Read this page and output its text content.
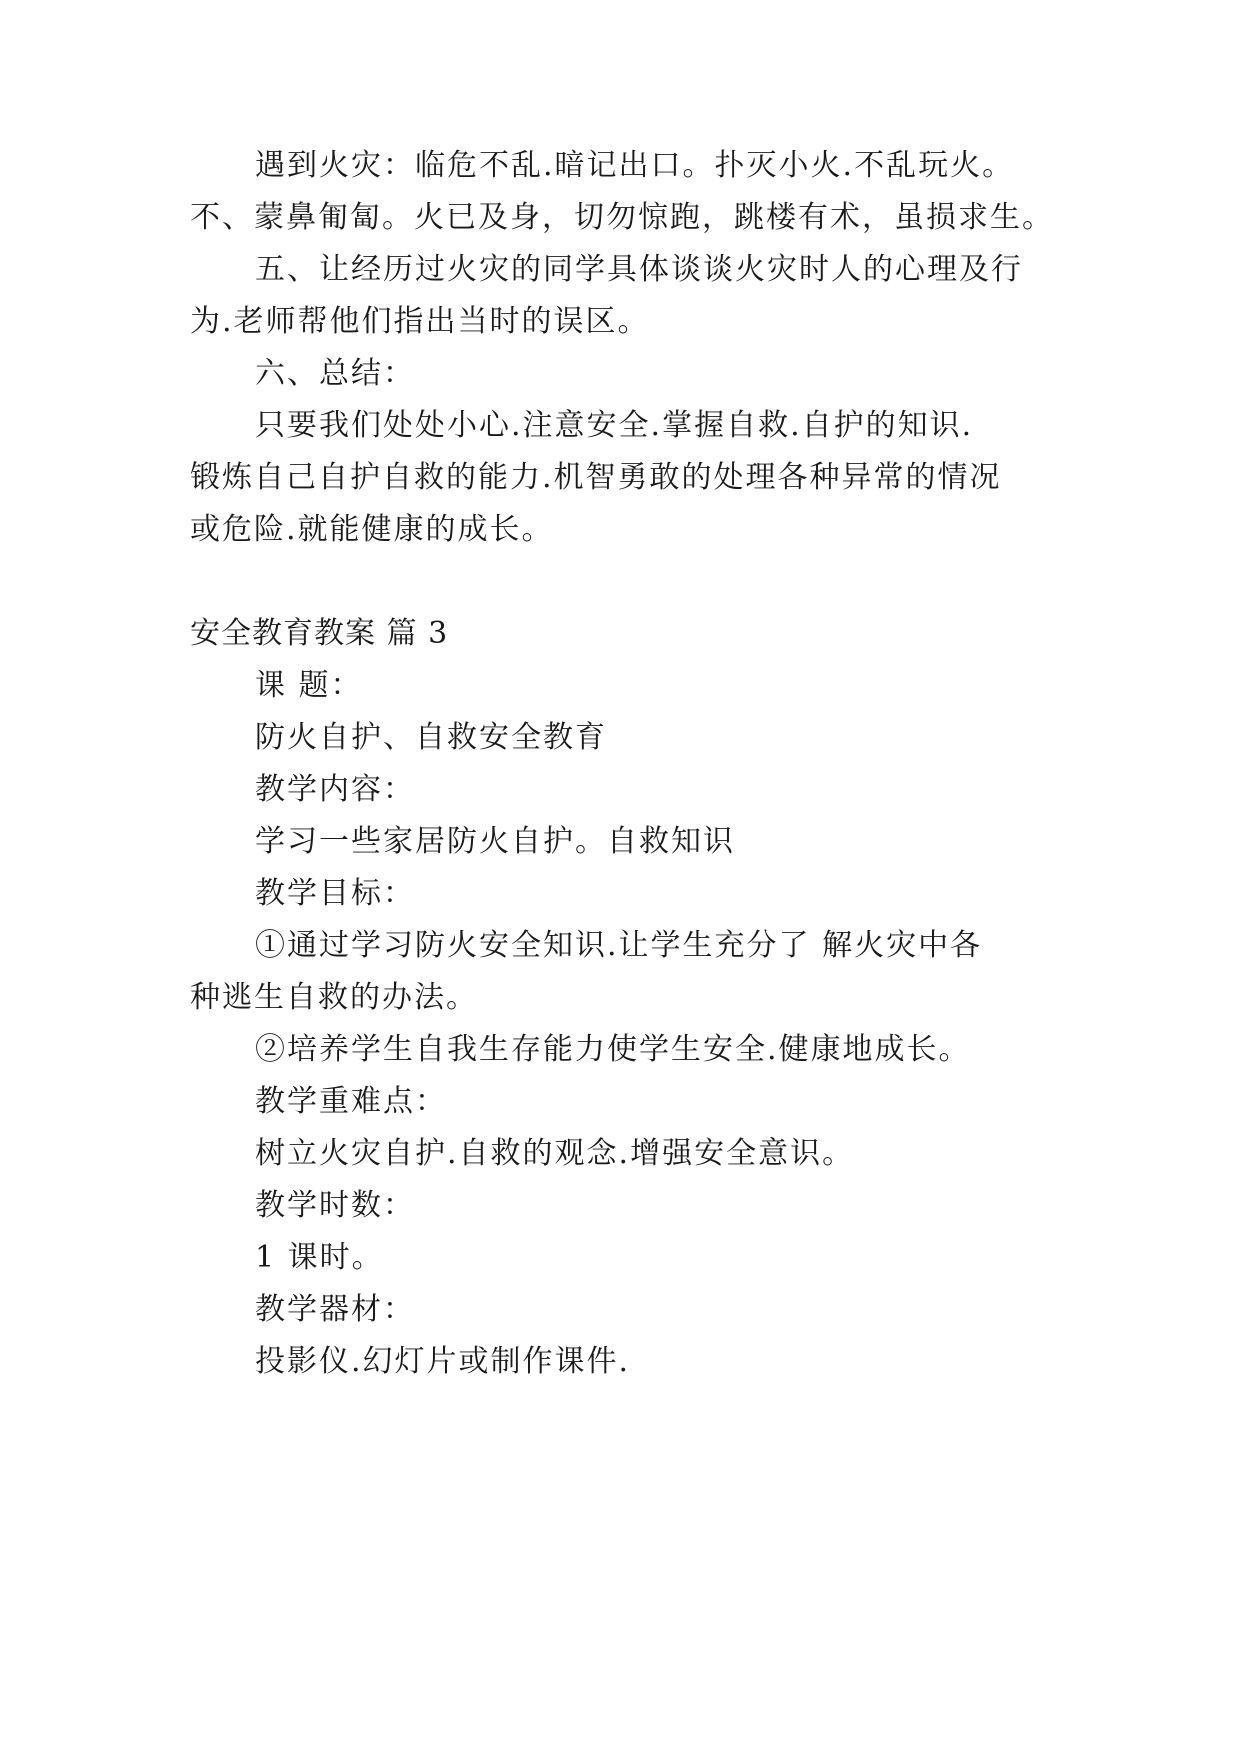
遇到火灾：临危不乱.暗记出口。扑灭小火.不乱玩火。
不、蒙鼻匍匐。火已及身，切勿惊跑，跳楼有术，虽损求生。
五、让经历过火灾的同学具体谈谈火灾时人的心理及行
为.老师帮他们指出当时的误区。
六、总结：
只要我们处处小心.注意安全.掌握自救.自护的知识.
锻炼自己自护自救的能力.机智勇敢的处理各种异常的情况
或危险.就能健康的成长。
安全教育教案 篇 3
课 题：
防火自护、自救安全教育
教学内容：
学习一些家居防火自护。自救知识
教学目标：
①通过学习防火安全知识.让学生充分了 解火灾中各
种逃生自救的办法。
②培养学生自我生存能力使学生安全.健康地成长。
教学重难点：
树立火灾自护.自救的观念.增强安全意识。
教学时数：
1 课时。
教学器材：
投影仪.幻灯片或制作课件.
